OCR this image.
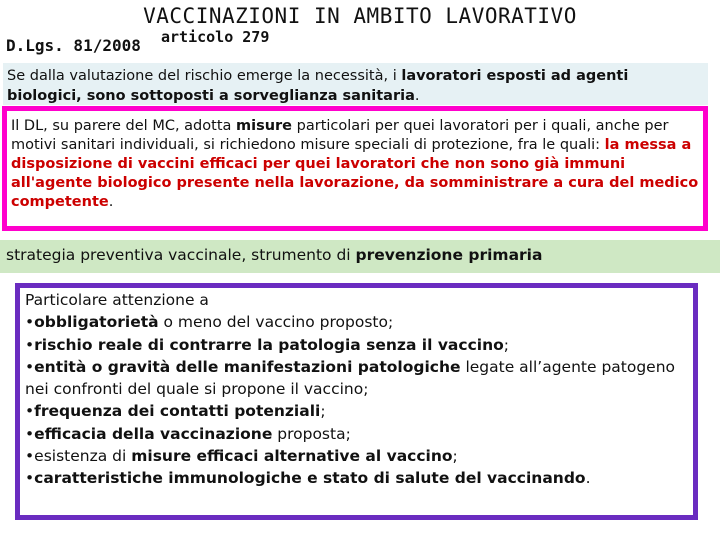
VACCINAZIONI IN AMBITO LAVORATIVO
D.Lgs. 81/2008 articolo 279
Se dalla valutazione del rischio emerge la necessità, i lavoratori esposti ad agenti biologici, sono sottoposti a sorveglianza sanitaria.
Il DL, su parere del MC, adotta misure particolari per quei lavoratori per i quali, anche per motivi sanitari individuali, si richiedono misure speciali di protezione, fra le quali: la messa a disposizione di vaccini efficaci per quei lavoratori che non sono già immuni all'agente biologico presente nella lavorazione, da somministrare a cura del medico competente.
strategia preventiva vaccinale, strumento di prevenzione primaria
Particolare attenzione a
•obbligatorietà o meno del vaccino proposto;
•rischio reale di contrarre la patologia senza il vaccino;
•entità o gravità delle manifestazioni patologiche legate all’agente patogeno nei confronti del quale si propone il vaccino;
•frequenza dei contatti potenziali;
•efficacia della vaccinazione proposta;
•esistenza di misure efficaci alternative al vaccino;
•caratteristiche immunologiche e stato di salute del vaccinando.
